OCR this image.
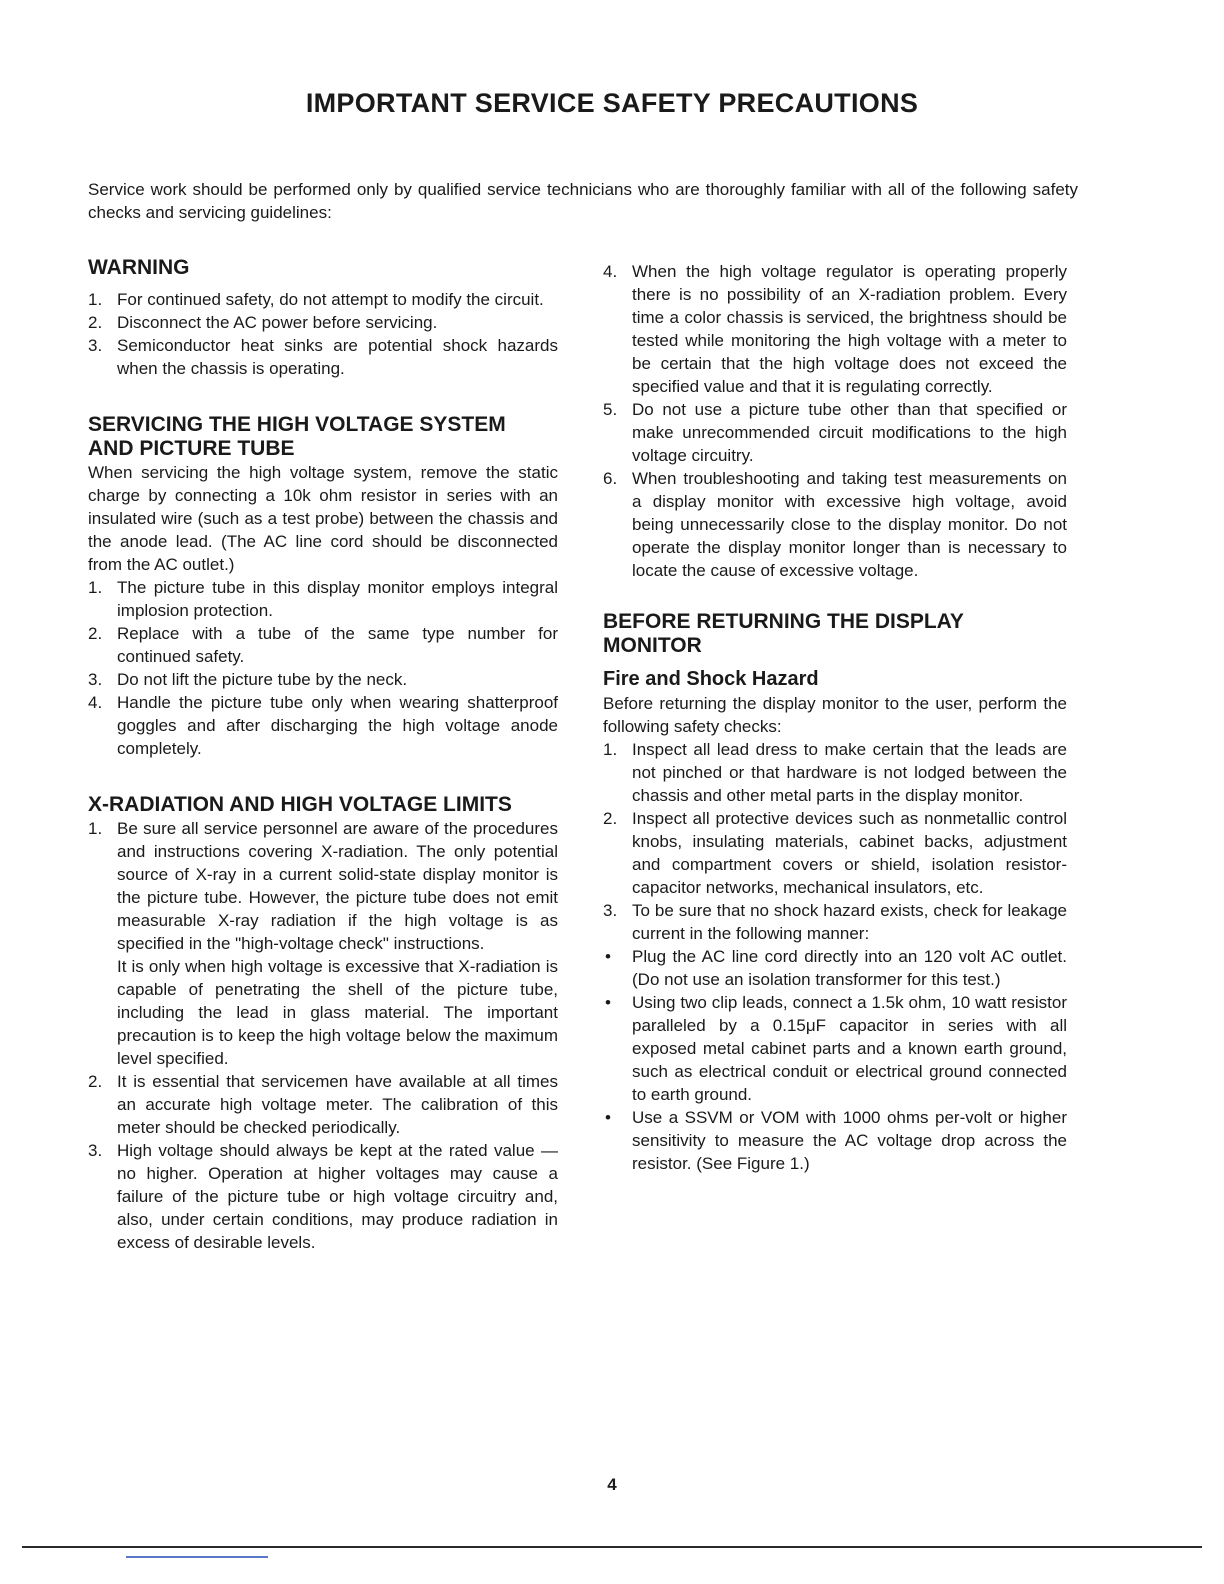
IMPORTANT SERVICE SAFETY PRECAUTIONS

Service work should be performed only by qualified service technicians who are thoroughly familiar with all of the following safety checks and servicing guidelines:

WARNING
1. For continued safety, do not attempt to modify the circuit.
2. Disconnect the AC power before servicing.
3. Semiconductor heat sinks are potential shock hazards when the chassis is operating.
SERVICING THE HIGH VOLTAGE SYSTEM
AND PICTURE TUBE

When servicing the high voltage system, remove the static charge by connecting a 10k ohm resistor in series with an insulated wire (such as a test probe) between the chassis and the anode lead. (The AC line cord should be disconnected from the AC outlet.)

1. The picture tube in this display monitor employs integral implosion protection.
2. Replace with a tube of the same type number for continued safety.
3. Do not lift the picture tube by the neck.
4. Handle the picture tube only when wearing shatterproof goggles and after discharging the high voltage anode completely.
X-RADIATION AND HIGH VOLTAGE LIMITS
1. Be sure all service personnel are aware of the procedures and instructions covering X-radiation. The only potential source of X-ray in a current solid-state display monitor is the picture tube. However, the picture tube does not emit measurable X-ray radiation if the high voltage is as specified in the "high-voltage check" instructions.

It is only when high voltage is excessive that X-radiation is capable of penetrating the shell of the picture tube, including the lead in glass material. The important precaution is to keep the high voltage below the maximum level specified.

2. It is essential that servicemen have available at all times an accurate high voltage meter. The calibration of this meter should be checked periodically.
3. High voltage should always be kept at the rated value — no higher. Operation at higher voltages may cause a failure of the picture tube or high voltage circuitry and, also, under certain conditions, may produce radiation in excess of desirable levels.
4. When the high voltage regulator is operating properly there is no possibility of an X-radiation problem. Every time a color chassis is serviced, the brightness should be tested while monitoring the high voltage with a meter to be certain that the high voltage does not exceed the specified value and that it is regulating correctly.
5. Do not use a picture tube other than that specified or make unrecommended circuit modifications to the high voltage circuitry.
6. When troubleshooting and taking test measurements on a display monitor with excessive high voltage, avoid being unnecessarily close to the display monitor. Do not operate the display monitor longer than is necessary to locate the cause of excessive voltage.
BEFORE RETURNING THE DISPLAY MONITOR
Fire and Shock Hazard

Before returning the display monitor to the user, perform the following safety checks:

1. Inspect all lead dress to make certain that the leads are not pinched or that hardware is not lodged between the chassis and other metal parts in the display monitor.
2. Inspect all protective devices such as nonmetallic control knobs, insulating materials, cabinet backs, adjustment and compartment covers or shield, isolation resistor-capacitor networks, mechanical insulators, etc.
3. To be sure that no shock hazard exists, check for leakage current in the following manner:
• Plug the AC line cord directly into an 120 volt AC outlet. (Do not use an isolation transformer for this test.)
• Using two clip leads, connect a 1.5k ohm, 10 watt resistor paralleled by a 0.15μF capacitor in series with all exposed metal cabinet parts and a known earth ground, such as electrical conduit or electrical ground connected to earth ground.
• Use a SSVM or VOM with 1000 ohms per-volt or higher sensitivity to measure the AC voltage drop across the resistor. (See Figure 1.)
4
